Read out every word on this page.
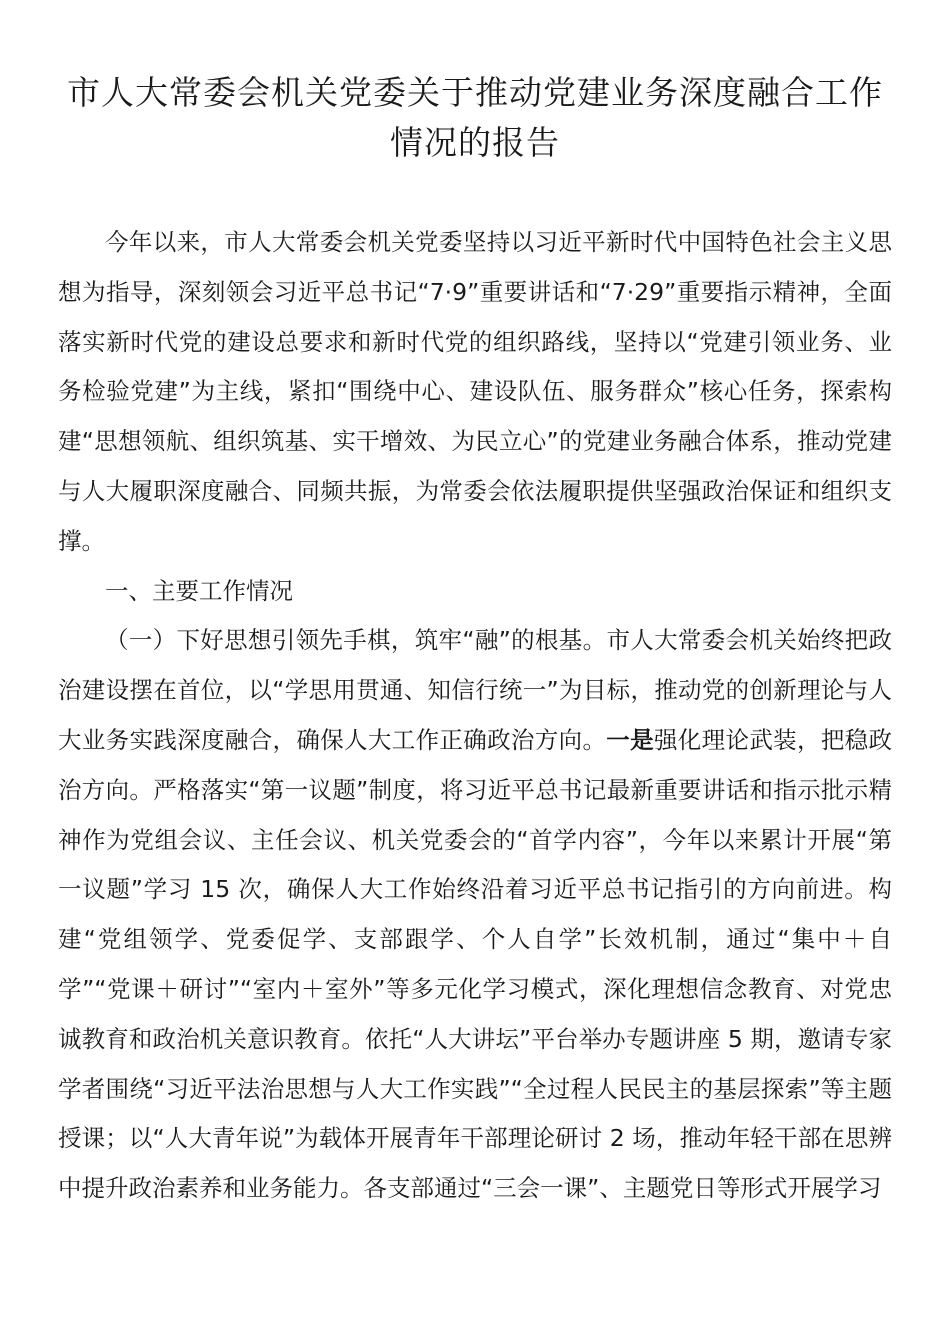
市人大常委会机关党委关于推动党建业务深度融合工作情况的报告

今年以来，市人大常委会机关党委坚持以习近平新时代中国特色社会主义思想为指导，深刻领会习近平总书记“7·9”重要讲话和“7·29”重要指示精神，全面落实新时代党的建设总要求和新时代党的组织路线，坚持以“党建引领业务、业务检验党建”为主线，紧扣“围绕中心、建设队伍、服务群众”核心任务，探索构建“思想领航、组织筑基、实干增效、为民立心”的党建业务融合体系，推动党建与人大履职深度融合、同频共振，为常委会依法履职提供坚强政治保证和组织支撑。

一、主要工作情况

（一）下好思想引领先手棋，筑牢“融”的根基。市人大常委会机关始终把政治建设摆在首位，以“学思用贯通、知信行统一”为目标，推动党的创新理论与人大业务实践深度融合，确保人大工作正确政治方向。一是强化理论武装，把稳政治方向。严格落实“第一议题”制度，将习近平总书记最新重要讲话和指示批示精神作为党组会议、主任会议、机关党委会的“首学内容”，今年以来累计开展“第一议题”学习 15 次，确保人大工作始终沿着习近平总书记指引的方向前进。构建“党组领学、党委促学、支部跟学、个人自学”长效机制，通过“集中＋自学”“党课＋研讨”“室内＋室外”等多元化学习模式，深化理想信念教育、对党忠诚教育和政治机关意识教育。依托“人大讲坛”平台举办专题讲座 5 期，邀请专家学者围绕“习近平法治思想与人大工作实践”“全过程人民民主的基层探索”等主题授课；以“人大青年说”为载体开展青年干部理论研讨 2 场，推动年轻干部在思辨中提升政治素养和业务能力。各支部通过“三会一课”、主题党日等形式开展学习
